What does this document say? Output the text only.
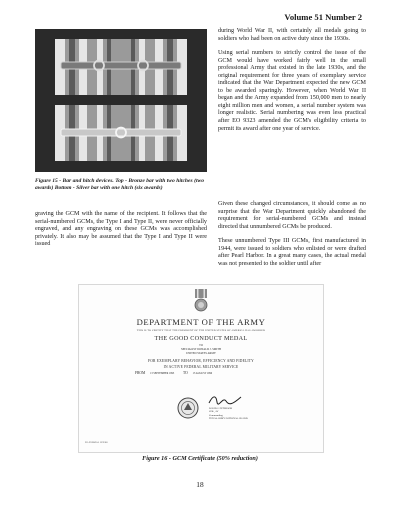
Volume 51 Number 2
Figure 15 - Bar and hitch devices. Top - Bronze bar with two hitches (two awards) Bottom - Silver bar with one hitch (six awards)

graving the GCM with the name of the recipient. It follows that the serial-numbered GCMs, the Type I and Type II, were never officially engraved, and any engraving on these GCMs was accomplished privately. It also may be assumed that the Type I and Type II were issued

during World War II, with certainly all medals going to soldiers who had been on active duty since the 1930s.

Using serial numbers to strictly control the issue of the GCM would have worked fairly well in the small professional Army that existed in the late 1930s, and the original requirement for three years of exemplary service indicated that the War Department expected the new GCM to be awarded sparingly. However, when World War II began and the Army expanded from 150,000 men to nearly eight million men and women, a serial number system was longer realistic. Serial numbering was even less practical after EO 9323 amended the GCM's eligibility criteria to permit its award after one year of service.

Given these changed circumstances, it should come as no surprise that the War Department quickly abandoned the requirement for serial-numbered GCMs and instead directed that unnumbered GCMs be produced.

These unnumbered Type III GCMs, first manufactured in 1944, were issued to soldiers who enlisted or were drafted after Pearl Harbor. In a great many cases, the actual medal was not presented to the soldier until after

DEPARTMENT OF THE ARMY
THIS IS TO CERTIFY THAT THE PRESIDENT OF THE UNITED STATES OF AMERICA HAS AWARDED
THE GOOD CONDUCT MEDAL
TO
SPECIALIST DONALD J. SMITH
UNITED STATES ARMY
FOR EXEMPLARY BEHAVIOR, EFFICIENCY AND FIDELITY
IN ACTIVE FEDERAL MILITARY SERVICE
FROM 13 SEPTEMBER 1993 TO 13 AUGUST 1996
DAVID J. PETERSON
COL, AV
Commanding
TEXAS ARMY NATIONAL GUARD
DA FORM 6-1 JUN 88
Figure 16 - GCM Certificate (50% reduction)
18
